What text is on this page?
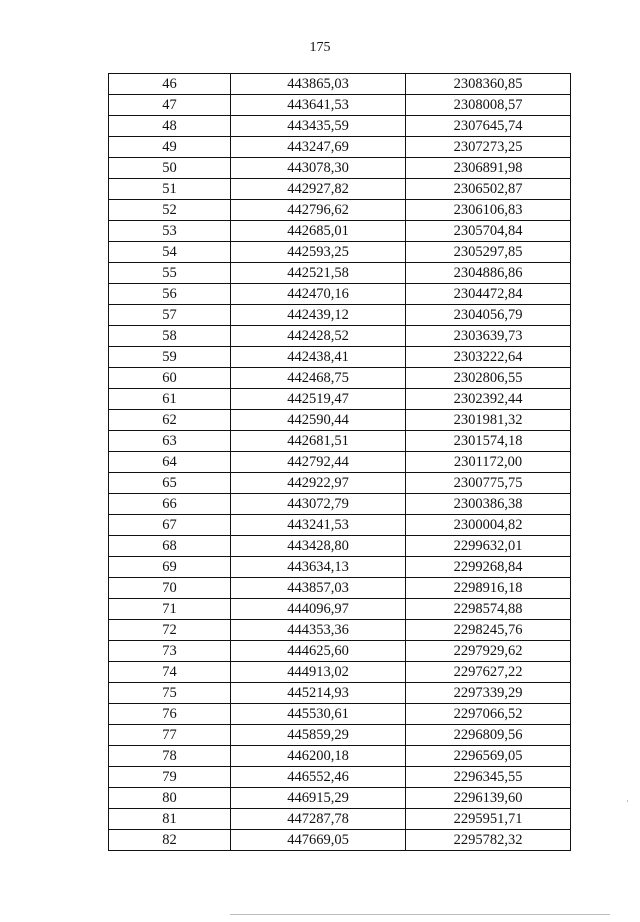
175
46	443865,03	2308360,85
47	443641,53	2308008,57
48	443435,59	2307645,74
49	443247,69	2307273,25
50	443078,30	2306891,98
51	442927,82	2306502,87
52	442796,62	2306106,83
53	442685,01	2305704,84
54	442593,25	2305297,85
55	442521,58	2304886,86
56	442470,16	2304472,84
57	442439,12	2304056,79
58	442428,52	2303639,73
59	442438,41	2303222,64
60	442468,75	2302806,55
61	442519,47	2302392,44
62	442590,44	2301981,32
63	442681,51	2301574,18
64	442792,44	2301172,00
65	442922,97	2300775,75
66	443072,79	2300386,38
67	443241,53	2300004,82
68	443428,80	2299632,01
69	443634,13	2299268,84
70	443857,03	2298916,18
71	444096,97	2298574,88
72	444353,36	2298245,76
73	444625,60	2297929,62
74	444913,02	2297627,22
75	445214,93	2297339,29
76	445530,61	2297066,52
77	445859,29	2296809,56
78	446200,18	2296569,05
79	446552,46	2296345,55
80	446915,29	2296139,60
81	447287,78	2295951,71
82	447669,05	2295782,32
